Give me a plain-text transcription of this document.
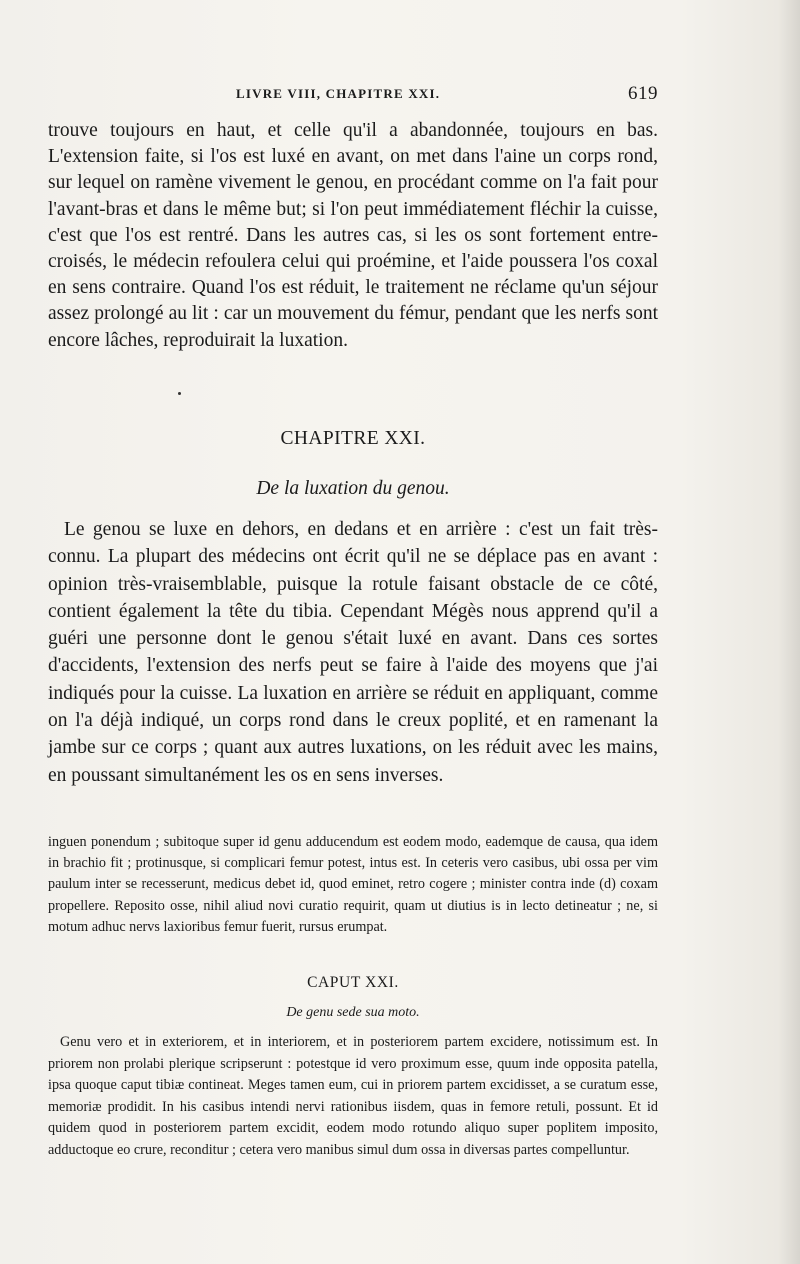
LIVRE VIII, CHAPITRE XXI.	619

trouve toujours en haut, et celle qu'il a abandonnée, toujours en bas. L'extension faite, si l'os est luxé en avant, on met dans l'aine un corps rond, sur lequel on ramène vivement le genou, en procédant comme on l'a fait pour l'avant-bras et dans le même but; si l'on peut immédiatement fléchir la cuisse, c'est que l'os est rentré. Dans les autres cas, si les os sont fortement entre-croisés, le médecin refoulera celui qui proémine, et l'aide poussera l'os coxal en sens contraire. Quand l'os est réduit, le traitement ne réclame qu'un séjour assez prolongé au lit : car un mouvement du fémur, pendant que les nerfs sont encore lâches, reproduirait la luxation.

CHAPITRE XXI.
De la luxation du genou.

Le genou se luxe en dehors, en dedans et en arrière : c'est un fait très-connu. La plupart des médecins ont écrit qu'il ne se déplace pas en avant : opinion très-vraisemblable, puisque la rotule faisant obstacle de ce côté, contient également la tête du tibia. Cependant Mégès nous apprend qu'il a guéri une personne dont le genou s'était luxé en avant. Dans ces sortes d'accidents, l'extension des nerfs peut se faire à l'aide des moyens que j'ai indiqués pour la cuisse. La luxation en arrière se réduit en appliquant, comme on l'a déjà indiqué, un corps rond dans le creux poplité, et en ramenant la jambe sur ce corps ; quant aux autres luxations, on les réduit avec les mains, en poussant simultanément les os en sens inverses.

inguen ponendum ; subitoque super id genu adducendum est eodem modo, eademque de causa, qua idem in brachio fit ; protinusque, si complicari femur potest, intus est. In ceteris vero casibus, ubi ossa per vim paulum inter se recesserunt, medicus debet id, quod eminet, retro cogere ; minister contra inde (d) coxam propellere. Reposito osse, nihil aliud novi curatio requirit, quam ut diutius is in lecto detineatur ; ne, si motum adhuc nervs laxioribus femur fuerit, rursus erumpat.

CAPUT XXI.
De genu sede sua moto.

Genu vero et in exteriorem, et in interiorem, et in posteriorem partem excidere, notissimum est. In priorem non prolabi plerique scripserunt : potestque id vero proximum esse, quum inde opposita patella, ipsa quoque caput tibiæ contineat. Meges tamen eum, cui in priorem partem excidisset, a se curatum esse, memoriæ prodidit. In his casibus intendi nervi rationibus iisdem, quas in femore retuli, possunt. Et id quidem quod in posteriorem partem excidit, eodem modo rotundo aliquo super poplitem imposito, adductoque eo crure, reconditur ; cetera vero manibus simul dum ossa in diversas partes compelluntur.
